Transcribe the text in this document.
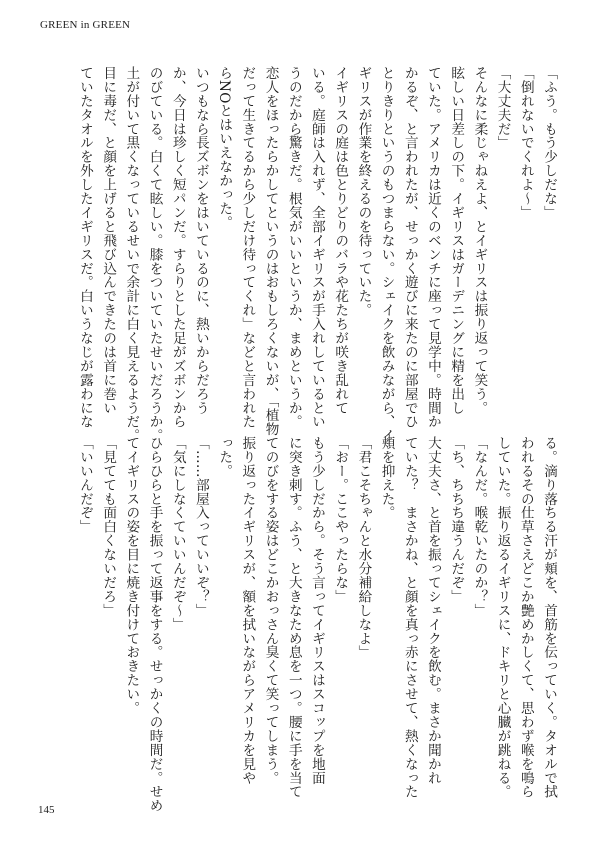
GREEN in GREEN
「ふう。もう少しだな」
「倒れないでくれよ～」
「大丈夫だ」
そんなに柔じゃねえよ、とイギリスは振り返って笑う。
眩しい日差しの下。イギリスはガーデニングに精を出し
ていた。アメリカは近くのベンチに座って見学中。時間か
かるぞ、と言われたが、せっかく遊びに来たのに部屋でひ
とりきりというのもつまらない。シェイクを飲みながら、イ
ギリスが作業を終えるのを待っていた。
イギリスの庭は色とりどりのバラや花たちが咲き乱れて
いる。庭師は入れず、全部イギリスが手入れしているとい
うのだから驚きだ。根気がいいというか、まめというか。
恋人をほったらかしてというのはおもしろくないが、「植物
だって生きてるから少しだけ待ってくれ」などと言われた
らNOとはいえなかった。
いつもなら長ズボンをはいているのに、熱いからだろう
か、今日は珍しく短パンだ。すらりとした足がズボンから
のびている。白くて眩しい。膝をついていたせいだろうか。
土が付いて黒くなっているせいで余計に白く見えるようだ。
目に毒だ、と顔を上げると飛び込んできたのは首に巻い
ていたタオルを外したイギリスだ。白いうなじが露わにな
る。滴り落ちる汗が頬を、首筋を伝っていく。タオルで拭
われるその仕草さえどこか艶めかしくて、思わず喉を鳴ら
していた。振り返るイギリスに、ドキリと心臓が跳ねる。
「なんだ。喉乾いたのか？」
「ち、ちちち違うんだぞ」
大丈夫さ、と首を振ってシェイクを飲む。まさか聞かれ
ていた？　まさかね、と顔を真っ赤にさせて、熱くなった
頬を抑えた。
「君こそちゃんと水分補給しなよ」
「おー。ここやったらな」
もう少しだから。そう言ってイギリスはスコップを地面
に突き刺す。ふう、と大きなため息を一つ。腰に手を当て
てのびをする姿はどこかおっさん臭くて笑ってしまう。
振り返ったイギリスが、額を拭いながらアメリカを見や
った。
「……部屋入っていいぞ？」
「気にしなくていいんだぞ～」
ひらひらと手を振って返事をする。せっかくの時間だ。せめ
てイギリスの姿を目に焼き付けておきたい。
「見てても面白くないだろ」
「いいんだぞ」
145
